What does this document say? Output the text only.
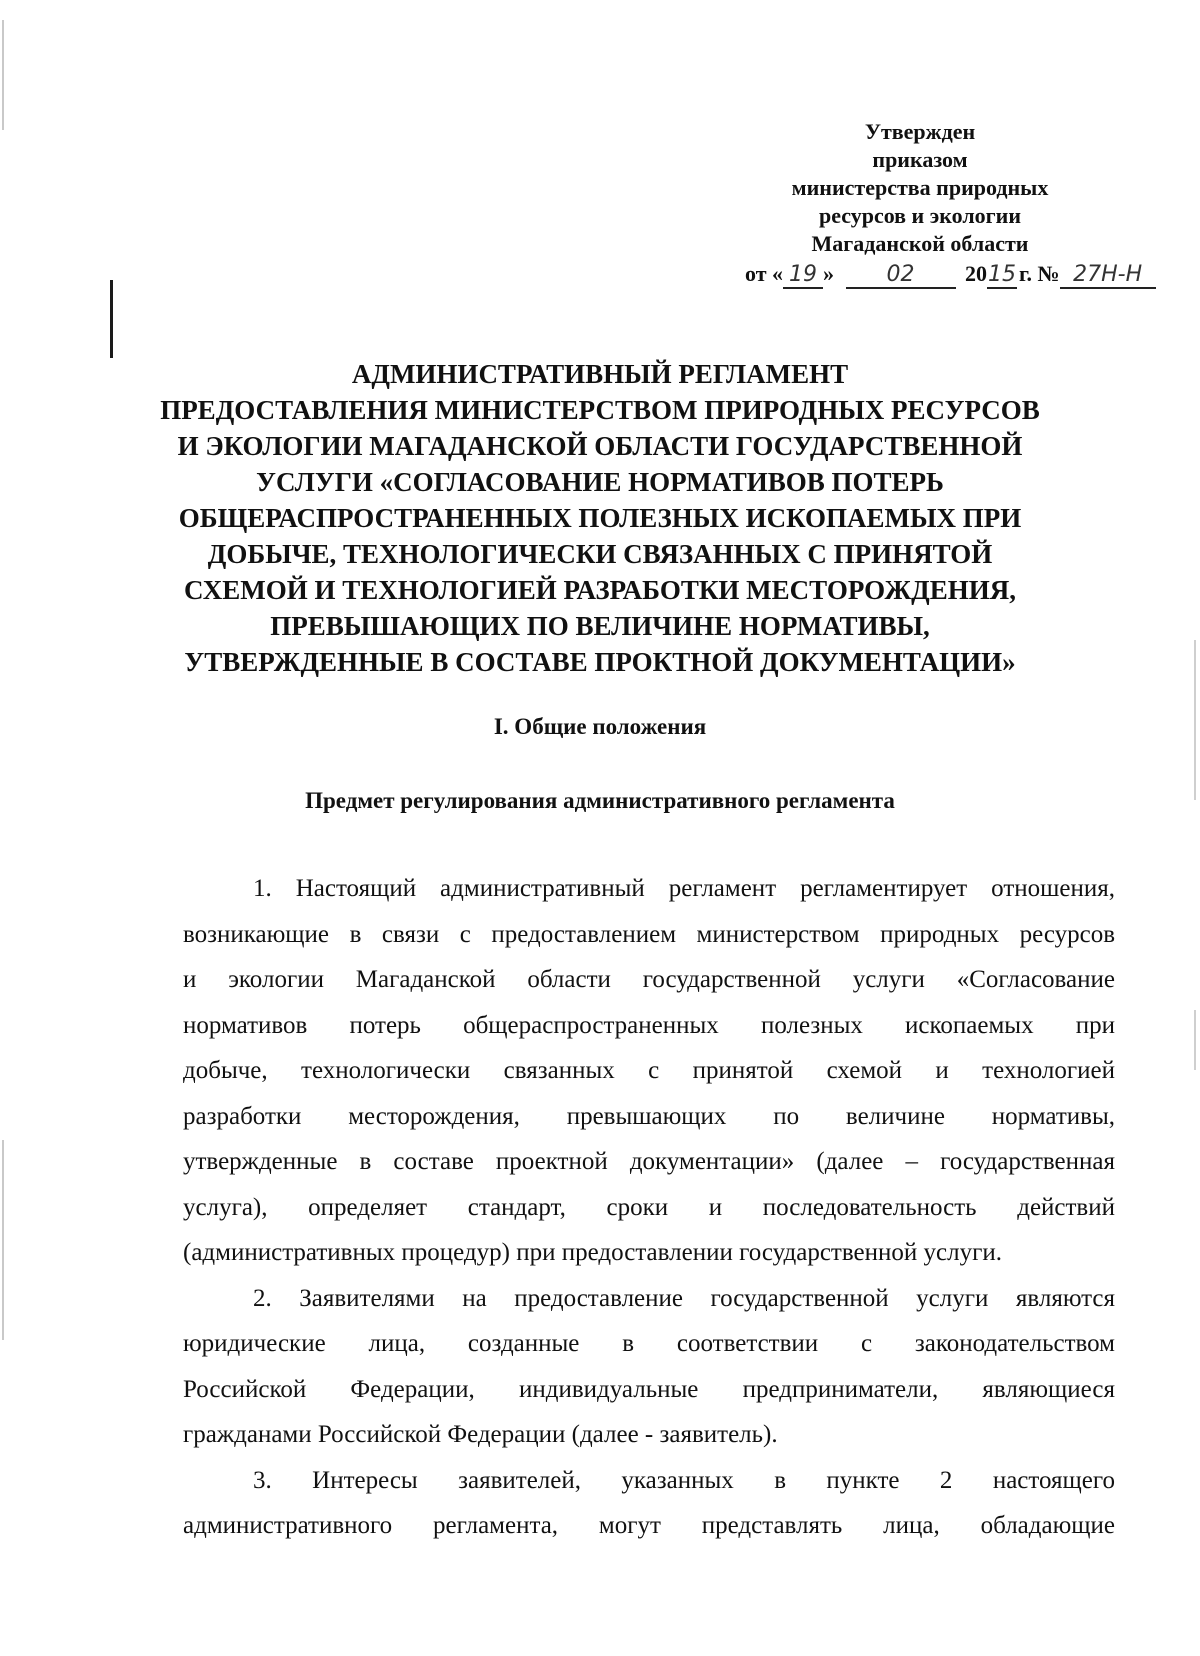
Утвержден
приказом
министерства природных
ресурсов и экологии
Магаданской области
от « 19 » 02 2015 г. № 27Н-Н
АДМИНИСТРАТИВНЫЙ РЕГЛАМЕНТ
ПРЕДОСТАВЛЕНИЯ МИНИСТЕРСТВОМ ПРИРОДНЫХ РЕСУРСОВ
И ЭКОЛОГИИ МАГАДАНСКОЙ ОБЛАСТИ ГОСУДАРСТВЕННОЙ
УСЛУГИ «СОГЛАСОВАНИЕ НОРМАТИВОВ ПОТЕРЬ
ОБЩЕРАСПРОСТРАНЕННЫХ ПОЛЕЗНЫХ ИСКОПАЕМЫХ ПРИ
ДОБЫЧЕ, ТЕХНОЛОГИЧЕСКИ СВЯЗАННЫХ С ПРИНЯТОЙ
СХЕМОЙ И ТЕХНОЛОГИЕЙ РАЗРАБОТКИ МЕСТОРОЖДЕНИЯ,
ПРЕВЫШАЮЩИХ ПО ВЕЛИЧИНЕ НОРМАТИВЫ,
УТВЕРЖДЕННЫЕ В СОСТАВЕ ПРОКТНОЙ ДОКУМЕНТАЦИИ»
I. Общие положения
Предмет регулирования административного регламента
1. Настоящий административный регламент регламентирует отношения,
возникающие в связи с предоставлением министерством природных ресурсов
и экологии Магаданской области государственной услуги «Согласование
нормативов потерь общераспространенных полезных ископаемых при
добыче, технологически связанных с принятой схемой и технологией
разработки месторождения, превышающих по величине нормативы,
утвержденные в составе проектной документации» (далее – государственная
услуга), определяет стандарт, сроки и последовательность действий
(административных процедур) при предоставлении государственной услуги.
2. Заявителями на предоставление государственной услуги являются
юридические лица, созданные в соответствии с законодательством
Российской Федерации, индивидуальные предприниматели, являющиеся
гражданами Российской Федерации (далее - заявитель).
3. Интересы заявителей, указанных в пункте 2 настоящего
административного регламента, могут представлять лица, обладающие
